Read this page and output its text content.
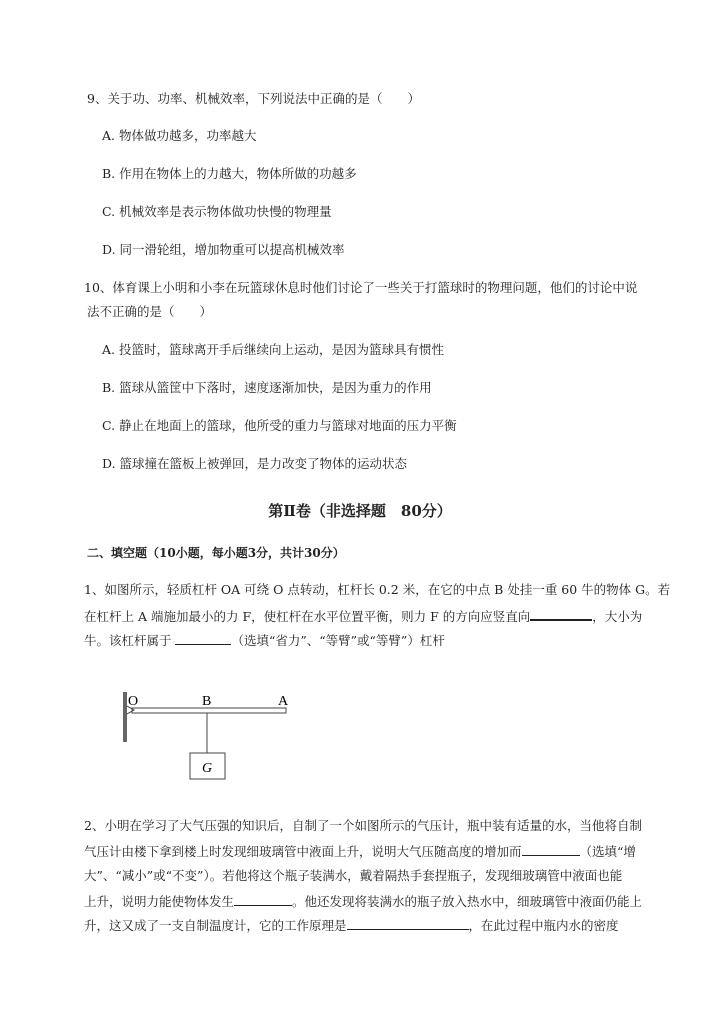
9、关于功、功率、机械效率，下列说法中正确的是（　　）
A. 物体做功越多，功率越大
B. 作用在物体上的力越大，物体所做的功越多
C. 机械效率是表示物体做功快慢的物理量
D. 同一滑轮组，增加物重可以提高机械效率
10、体育课上小明和小李在玩篮球休息时他们讨论了一些关于打篮球时的物理问题，他们的讨论中说
法不正确的是（　　）
A. 投篮时，篮球离开手后继续向上运动，是因为篮球具有惯性
B. 篮球从篮筐中下落时，速度逐渐加快，是因为重力的作用
C. 静止在地面上的篮球，他所受的重力与篮球对地面的压力平衡
D. 篮球撞在篮板上被弹回，是力改变了物体的运动状态
第Ⅱ卷（非选择题　80分）
二、填空题（10小题，每小题3分，共计30分）
1、如图所示，轻质杠杆 OA 可绕 O 点转动，杠杆长 0.2 米，在它的中点 B 处挂一重 60 牛的物体 G。若
在杠杆上 A 端施加最小的力 F，使杠杆在水平位置平衡，则力 F 的方向应竖直向	，大小为
牛。该杠杆属于	（选填“省力”、“等臂”或“等臂”）杠杆
O	B	A
G
2、小明在学习了大气压强的知识后，自制了一个如图所示的气压计，瓶中装有适量的水，当他将自制
气压计由楼下拿到楼上时发现细玻璃管中液面上升，说明大气压随高度的增加而	（选填“增
大”、“减小”或“不变”）。若他将这个瓶子装满水，戴着隔热手套捏瓶子，发现细玻璃管中液面也能
上升，说明力能使物体发生	。他还发现将装满水的瓶子放入热水中，细玻璃管中液面仍能上
升，这又成了一支自制温度计，它的工作原理是	，在此过程中瓶内水的密度
